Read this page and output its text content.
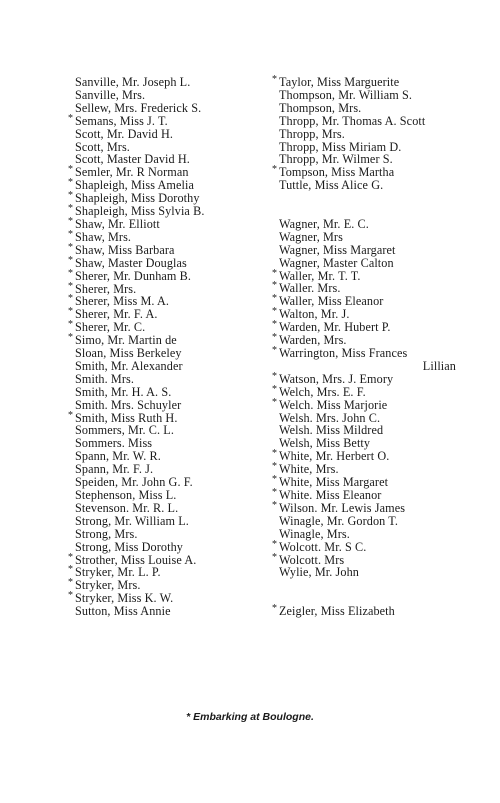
Sanville, Mr. Joseph L.
Sanville, Mrs.
Sellew, Mrs. Frederick S.
* Semans, Miss J. T.
Scott, Mr. David H.
Scott, Mrs.
Scott, Master David H.
* Semler, Mr. R Norman
* Shapleigh, Miss Amelia
* Shapleigh, Miss Dorothy
* Shapleigh, Miss Sylvia B.
* Shaw, Mr. Elliott
* Shaw, Mrs.
* Shaw, Miss Barbara
* Shaw, Master Douglas
* Sherer, Mr. Dunham B.
* Sherer, Mrs.
* Sherer, Miss M. A.
* Sherer, Mr. F. A.
* Sherer, Mr. C.
* Simo, Mr. Martin de
Sloan, Miss Berkeley
Smith, Mr. Alexander
Smith. Mrs.
Smith, Mr. H. A. S.
Smith. Mrs. Schuyler
* Smith, Miss Ruth H.
Sommers, Mr. C. L.
Sommers. Miss
Spann, Mr. W. R.
Spann, Mr. F. J.
Speiden, Mr. John G. F.
Stephenson, Miss L.
Stevenson. Mr. R. L.
Strong, Mr. William L.
Strong, Mrs.
Strong, Miss Dorothy
* Strother, Miss Louise A.
* Stryker, Mr. L. P.
* Stryker, Mrs.
* Stryker, Miss K. W.
Sutton, Miss Annie
* Taylor, Miss Marguerite
Thompson, Mr. William S.
Thompson, Mrs.
Thropp, Mr. Thomas A. Scott
Thropp, Mrs.
Thropp, Miss Miriam D.
Thropp, Mr. Wilmer S.
* Tompson, Miss Martha
Tuttle, Miss Alice G.
Wagner, Mr. E. C.
Wagner, Mrs
Wagner, Miss Margaret
Wagner, Master Calton
* Waller, Mr. T. T.
* Waller. Mrs.
* Waller, Miss Eleanor
* Walton, Mr. J.
* Warden, Mr. Hubert P.
* Warden, Mrs.
* Warrington, Miss Frances
Lillian
* Watson, Mrs. J. Emory
* Welch, Mrs. E. F.
* Welch. Miss Marjorie
Welsh. Mrs. John C.
Welsh. Miss Mildred
Welsh, Miss Betty
* White, Mr. Herbert O.
* White, Mrs.
* White, Miss Margaret
* White. Miss Eleanor
* Wilson. Mr. Lewis James
Winagle, Mr. Gordon T.
Winagle, Mrs.
* Wolcott. Mr. S C.
* Wolcott. Mrs
Wylie, Mr. John
* Zeigler, Miss Elizabeth
* Embarking at Boulogne.
